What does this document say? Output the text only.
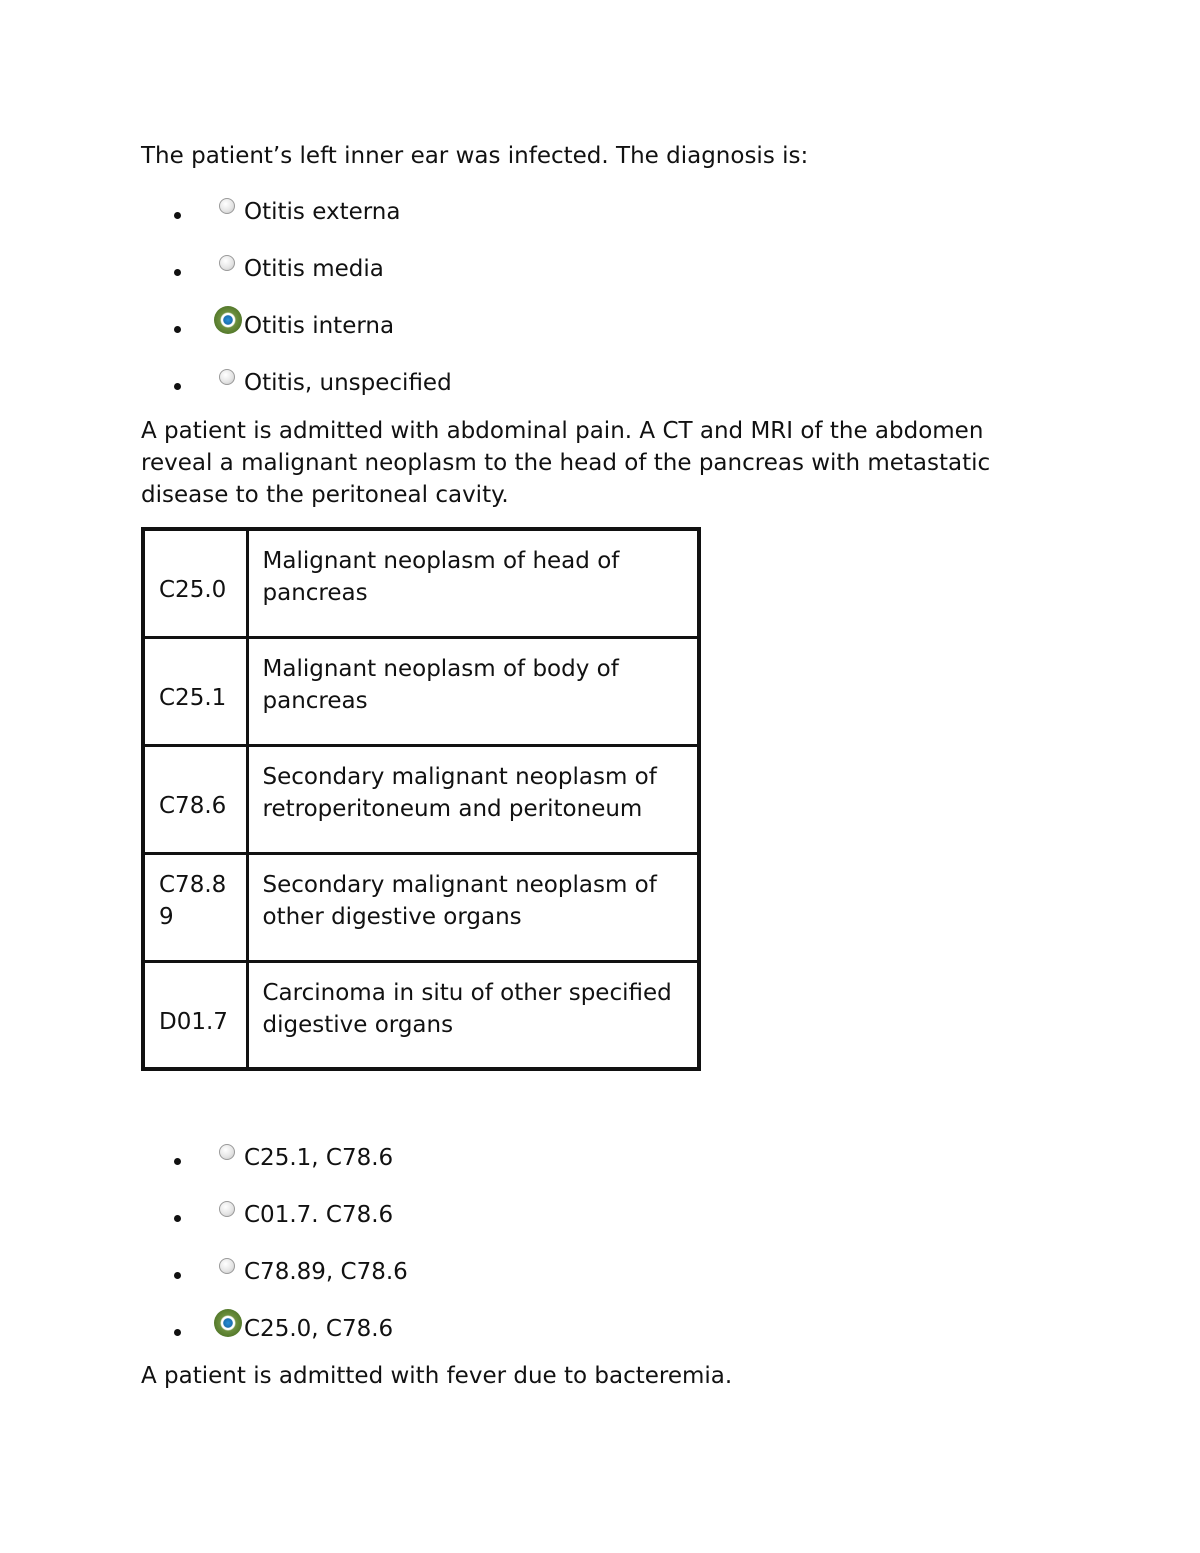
The patient’s left inner ear was infected. The diagnosis is:

Otitis externa
Otitis media
Otitis interna
Otitis, unspecified

A patient is admitted with abdominal pain. A CT and MRI of the abdomen reveal a malignant neoplasm to the head of the pancreas with metastatic disease to the peritoneal cavity.

C25.0	Malignant neoplasm of head of pancreas
C25.1	Malignant neoplasm of body of pancreas
C78.6	Secondary malignant neoplasm of retroperitoneum and peritoneum
C78.89	Secondary malignant neoplasm of other digestive organs
D01.7	Carcinoma in situ of other specified digestive organs
C25.1, C78.6
C01.7. C78.6
C78.89, C78.6
C25.0, C78.6

A patient is admitted with fever due to bacteremia.
